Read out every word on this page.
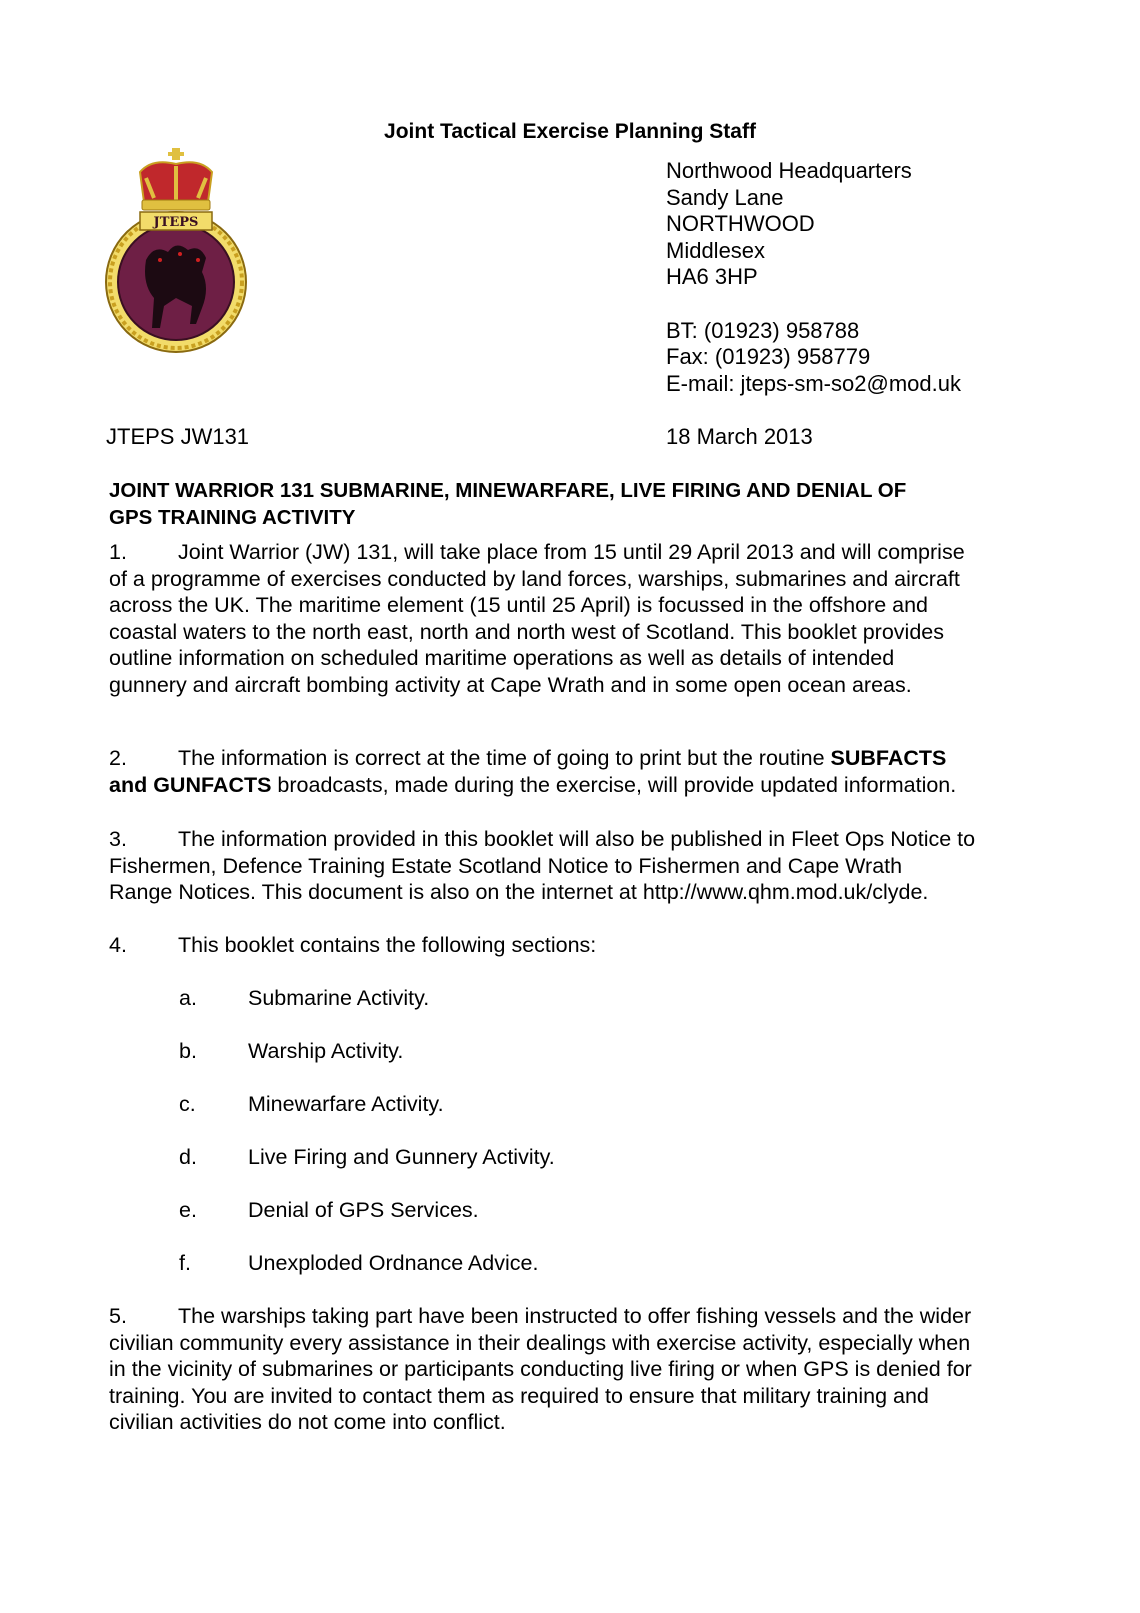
Joint Tactical Exercise Planning Staff
JTEPS
Northwood Headquarters
Sandy Lane
NORTHWOOD
Middlesex
HA6 3HP
BT: (01923) 958788
Fax: (01923) 958779
E-mail: jteps-sm-so2@mod.uk
JTEPS JW131	18 March 2013
JOINT WARRIOR 131 SUBMARINE, MINEWARFARE, LIVE FIRING AND DENIAL OF
GPS TRAINING ACTIVITY
1. Joint Warrior (JW) 131, will take place from 15 until 29 April 2013 and will comprise
of a programme of exercises conducted by land forces, warships, submarines and aircraft
across the UK. The maritime element (15 until 25 April) is focussed in the offshore and
coastal waters to the north east, north and north west of Scotland. This booklet provides
outline information on scheduled maritime operations as well as details of intended
gunnery and aircraft bombing activity at Cape Wrath and in some open ocean areas.
2. The information is correct at the time of going to print but the routine SUBFACTS
and GUNFACTS broadcasts, made during the exercise, will provide updated information.
3. The information provided in this booklet will also be published in Fleet Ops Notice to
Fishermen, Defence Training Estate Scotland Notice to Fishermen and Cape Wrath
Range Notices. This document is also on the internet at http://www.qhm.mod.uk/clyde.
4. This booklet contains the following sections:
a. Submarine Activity.
b. Warship Activity.
c. Minewarfare Activity.
d. Live Firing and Gunnery Activity.
e. Denial of GPS Services.
f.	Unexploded Ordnance Advice.
5. The warships taking part have been instructed to offer fishing vessels and the wider
civilian community every assistance in their dealings with exercise activity, especially when
in the vicinity of submarines or participants conducting live firing or when GPS is denied for
training. You are invited to contact them as required to ensure that military training and
civilian activities do not come into conflict.
